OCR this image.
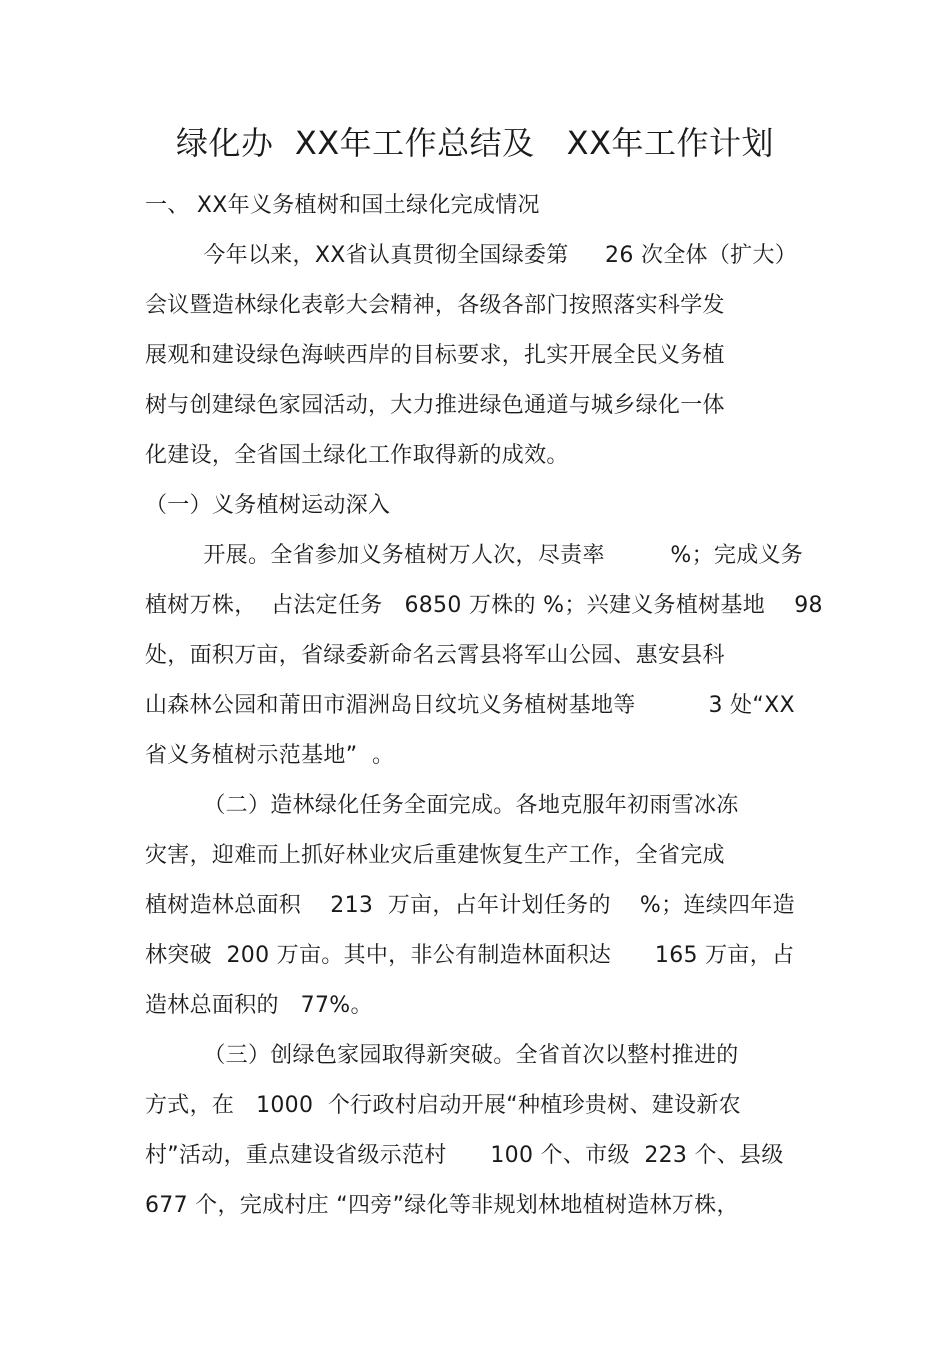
绿化办  XX年工作总结及   XX年工作计划
一、 XX年义务植树和国土绿化完成情况
今年以来，XX省认真贯彻全国绿委第     26 次全体（扩大）
会议暨造林绿化表彰大会精神，各级各部门按照落实科学发
展观和建设绿色海峡西岸的目标要求，扎实开展全民义务植
树与创建绿色家园活动，大力推进绿色通道与城乡绿化一体
化建设，全省国土绿化工作取得新的成效。
（一）义务植树运动深入
开展。全省参加义务植树万人次，尽责率         %；完成义务
植树万株，  占法定任务   6850 万株的 %；兴建义务植树基地    98
处，面积万亩，省绿委新命名云霄县将军山公园、惠安县科
山森林公园和莆田市湄洲岛日纹坑义务植树基地等          3 处“XX
省义务植树示范基地”  。
（二）造林绿化任务全面完成。各地克服年初雨雪冰冻
灾害，迎难而上抓好林业灾后重建恢复生产工作，全省完成
植树造林总面积    213  万亩，占年计划任务的    %；连续四年造
林突破  200 万亩。其中，非公有制造林面积达      165 万亩，占
造林总面积的   77%。
（三）创绿色家园取得新突破。全省首次以整村推进的
方式，在   1000  个行政村启动开展“种植珍贵树、建设新农
村”活动，重点建设省级示范村      100 个、市级  223 个、县级
677 个，完成村庄 “四旁”绿化等非规划林地植树造林万株，
